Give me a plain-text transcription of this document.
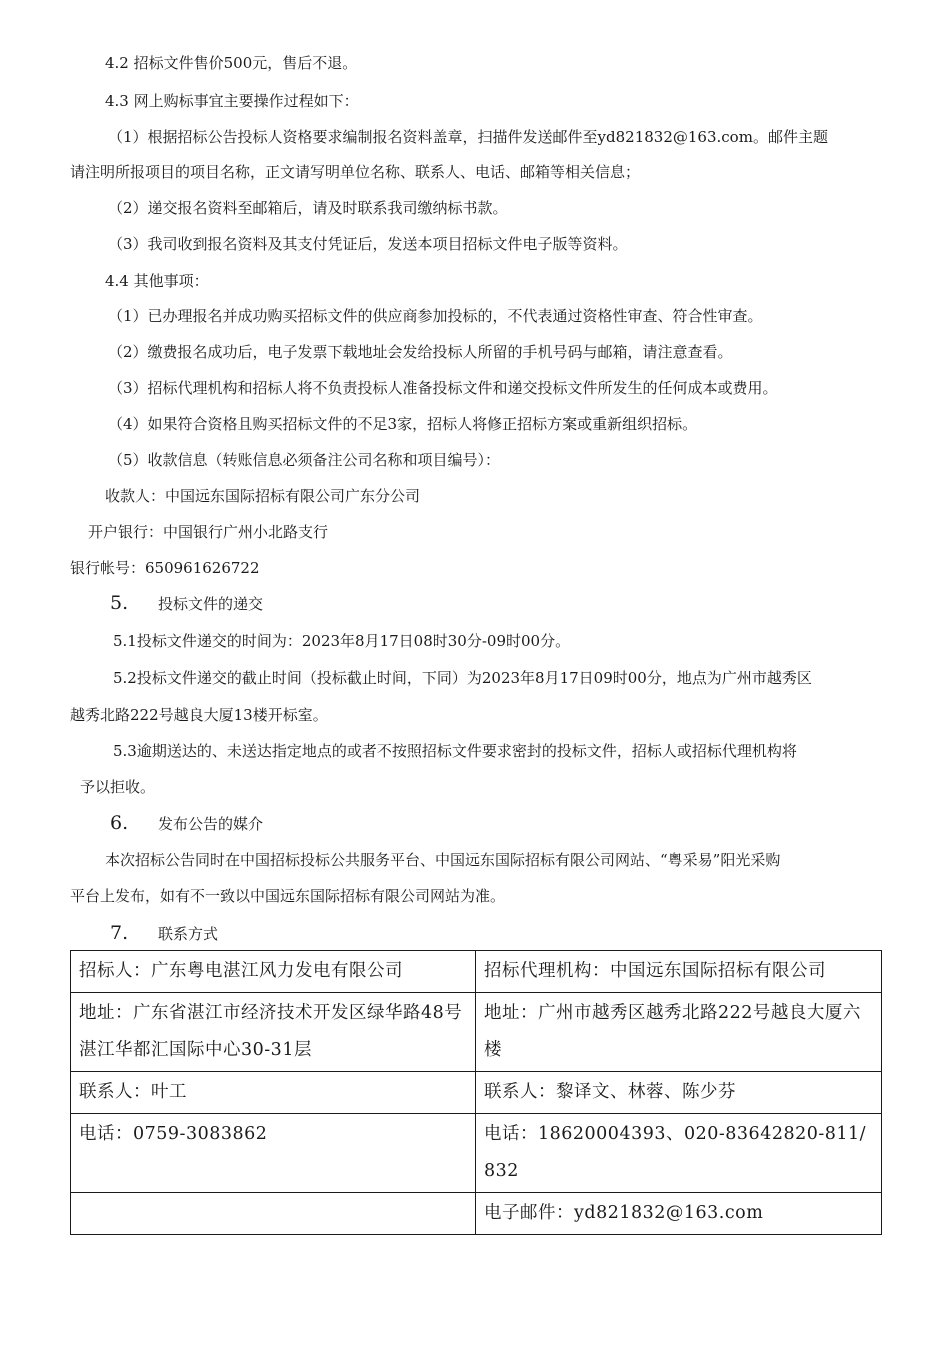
4.2 招标文件售价500元，售后不退。
4.3 网上购标事宜主要操作过程如下：
（1）根据招标公告投标人资格要求编制报名资料盖章，扫描件发送邮件至yd821832@163.com。邮件主题
请注明所报项目的项目名称，正文请写明单位名称、联系人、电话、邮箱等相关信息；
（2）递交报名资料至邮箱后，请及时联系我司缴纳标书款。
（3）我司收到报名资料及其支付凭证后，发送本项目招标文件电子版等资料。
4.4 其他事项：
（1）已办理报名并成功购买招标文件的供应商参加投标的，不代表通过资格性审查、符合性审查。
（2）缴费报名成功后，电子发票下载地址会发给投标人所留的手机号码与邮箱，请注意查看。
（3）招标代理机构和招标人将不负责投标人准备投标文件和递交投标文件所发生的任何成本或费用。
（4）如果符合资格且购买招标文件的不足3家，招标人将修正招标方案或重新组织招标。
（5）收款信息（转账信息必须备注公司名称和项目编号）：
收款人：中国远东国际招标有限公司广东分公司
开户银行：中国银行广州小北路支行
银行帐号：650961626722
5. 投标文件的递交
5.1投标文件递交的时间为：2023年8月17日08时30分-09时00分。
5.2投标文件递交的截止时间（投标截止时间，下同）为2023年8月17日09时00分，地点为广州市越秀区
越秀北路222号越良大厦13楼开标室。
5.3逾期送达的、未送达指定地点的或者不按照招标文件要求密封的投标文件，招标人或招标代理机构将
予以拒收。
6. 发布公告的媒介
本次招标公告同时在中国招标投标公共服务平台、中国远东国际招标有限公司网站、“粤采易”阳光采购
平台上发布，如有不一致以中国远东国际招标有限公司网站为准。
7. 联系方式
招标人：广东粤电湛江风力发电有限公司	招标代理机构：中国远东国际招标有限公司
地址：广东省湛江市经济技术开发区绿华路48号湛江华都汇国际中心30-31层	地址：广州市越秀区越秀北路222号越良大厦六楼
联系人：叶工	联系人：黎译文、林蓉、陈少芬
电话：0759-3083862	电话：18620004393、020-83642820-811/832
	电子邮件：yd821832@163.com
